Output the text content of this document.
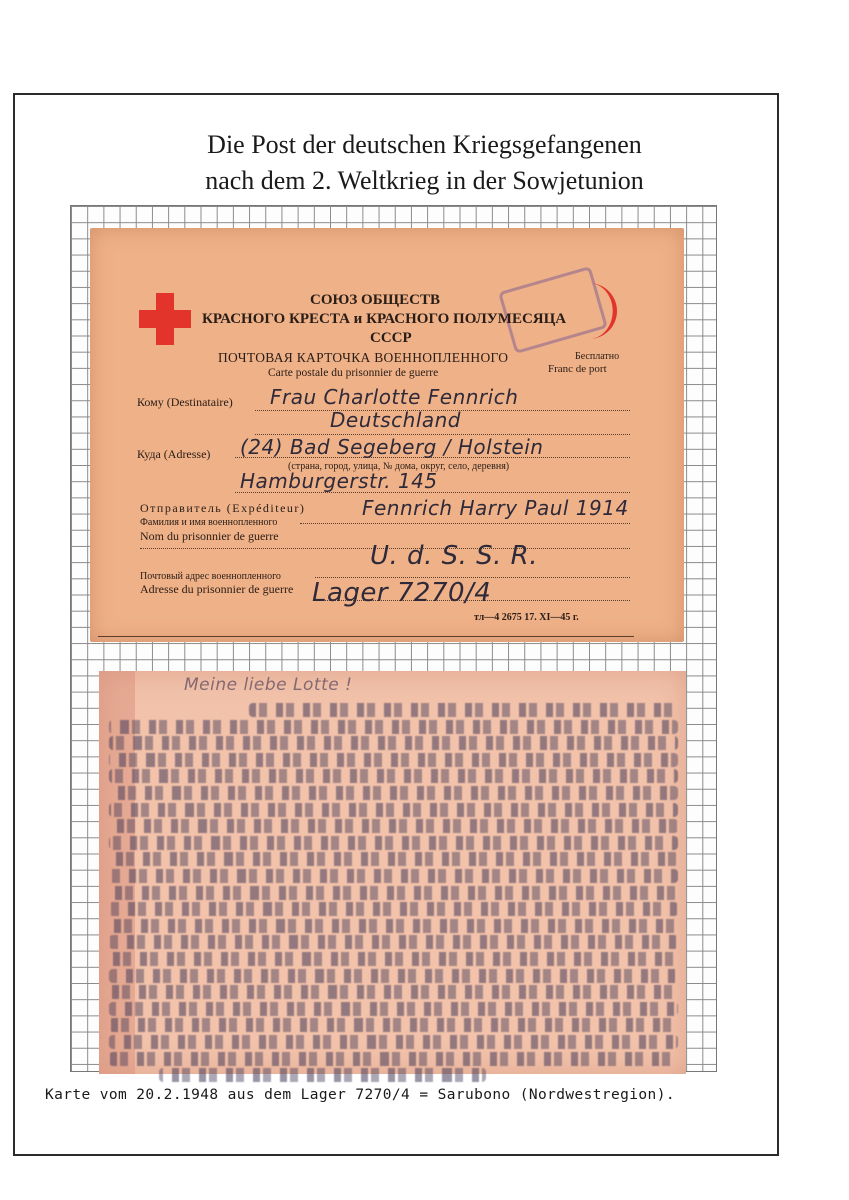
Die Post der deutschen Kriegsgefangenen
nach dem 2. Weltkrieg in der Sowjetunion
СОЮЗ ОБЩЕСТВ
КРАСНОГО КРЕСТА и КРАСНОГО ПОЛУМЕСЯЦА
СССР
ПОЧТОВАЯ КАРТОЧКА ВОЕННОПЛЕННОГО
Carte postale du prisonnier de guerre
Бесплатно
Franc de port
Кому (Destinataire) Frau Charlotte Fennrich
Deutschland
Куда (Adresse) (24) Bad Segeberg / Holstein
(страна, город, улица, № дома, округ, село, деревня)
Hamburgerstr. 145
Отправитель (Expéditeur)
Фамилия и имя военнопленного
Nom du prisonnier de guerre
Fennrich Harry Paul 1914
Почтовый адрес военнопленного
Adresse du prisonnier de guerre
U. d. S. S. R.
Lager 7270/4
тл—4 2675 17. XI—45 г.
Meine liebe Lotte !
Karte vom 20.2.1948 aus dem Lager 7270/4 = Sarubono (Nordwestregion).
